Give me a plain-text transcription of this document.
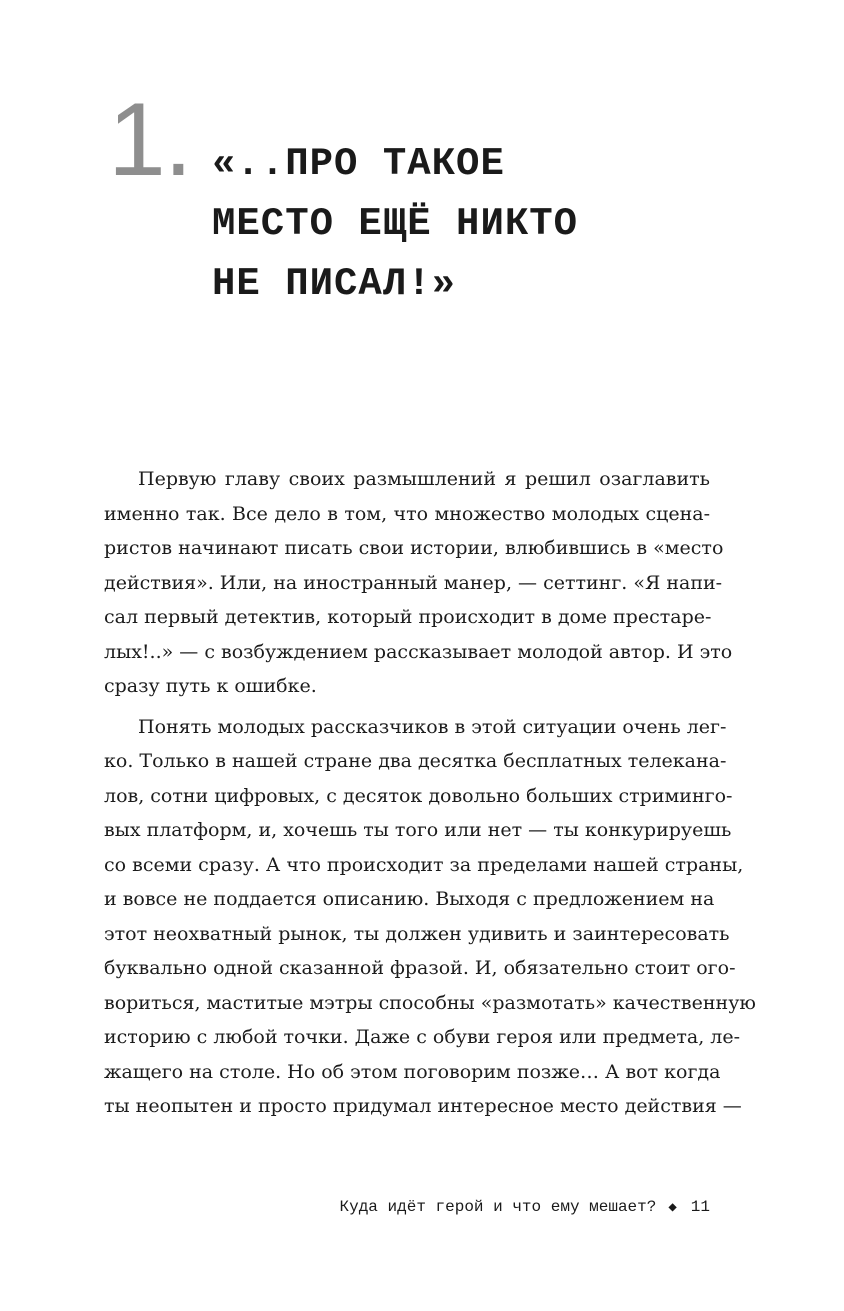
1. «..ПРО ТАКОЕ
МЕСТО ЕЩЁ НИКТО
НЕ ПИСАЛ!»

Первую главу своих размышлений я решил озаглавить
именно так. Все дело в том, что множество молодых сцена-
ристов начинают писать свои истории, влюбившись в «место
действия». Или, на иностранный манер, — сеттинг. «Я напи-
сал первый детектив, который происходит в доме престаре-
лых!..» — с возбуждением рассказывает молодой автор. И это
сразу путь к ошибке.

Понять молодых рассказчиков в этой ситуации очень лег-
ко. Только в нашей стране два десятка бесплатных телекана-
лов, сотни цифровых, с десяток довольно больших стриминго-
вых платформ, и, хочешь ты того или нет — ты конкурируешь
со всеми сразу. А что происходит за пределами нашей страны,
и вовсе не поддается описанию. Выходя с предложением на
этот неохватный рынок, ты должен удивить и заинтересовать
буквально одной сказанной фразой. И, обязательно стоит ого-
вориться, маститые мэтры способны «размотать» качественную
историю с любой точки. Даже с обуви героя или предмета, ле-
жащего на столе. Но об этом поговорим позже… А вот когда
ты неопытен и просто придумал интересное место действия —

Куда идёт герой и что ему мешает? ◆ 11
